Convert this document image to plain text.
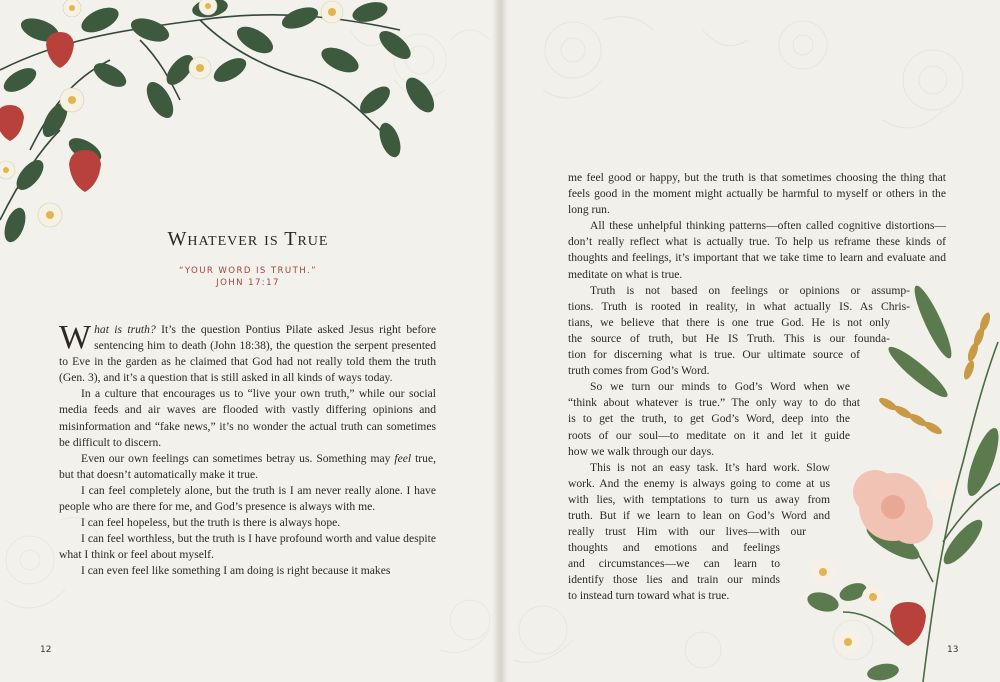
Whatever is True
“YOUR WORD IS TRUTH.”
JOHN 17:17

What is truth? It’s the question Pontius Pilate asked Jesus right before sentencing him to death (John 18:38), the question the serpent presented to Eve in the garden as he claimed that God had not really told them the truth (Gen. 3), and it’s a question that is still asked in all kinds of ways today.

In a culture that encourages us to “live your own truth,” while our social media feeds and air waves are flooded with vastly differing opinions and misinformation and “fake news,” it’s no wonder the actual truth can sometimes be difficult to discern.

Even our own feelings can sometimes betray us. Something may feel true, but that doesn’t automatically make it true.

I can feel completely alone, but the truth is I am never really alone. I have people who are there for me, and God’s presence is always with me.

I can feel hopeless, but the truth is there is always hope.

I can feel worthless, but the truth is I have profound worth and value despite what I think or feel about myself.

I can even feel like something I am doing is right because it makes

12

me feel good or happy, but the truth is that sometimes choosing the thing that feels good in the moment might actually be harmful to myself or others in the long run.

All these unhelpful thinking patterns—often called cognitive distortions—don’t really reflect what is actually true. To help us reframe these kinds of thoughts and feelings, it’s important that we take time to learn and evaluate and meditate on what is true.

Truth is not based on feelings or opinions or assump-

tions. Truth is rooted in reality, in what actually IS. As Chris-

tians, we believe that there is one true God. He is not only

the source of truth, but He IS Truth. This is our founda-

tion for discerning what is true. Our ultimate source of

truth comes from God’s Word.

So we turn our minds to God’s Word when we

“think about whatever is true.” The only way to do that

is to get the truth, to get God’s Word, deep into the

roots of our soul—to meditate on it and let it guide

how we walk through our days.

This is not an easy task. It’s hard work. Slow

work. And the enemy is always going to come at us

with lies, with temptations to turn us away from

truth. But if we learn to lean on God’s Word and

really trust Him with our lives—with our

thoughts and emotions and feelings

and circumstances—we can learn to

identify those lies and train our minds

to instead turn toward what is true.

13
